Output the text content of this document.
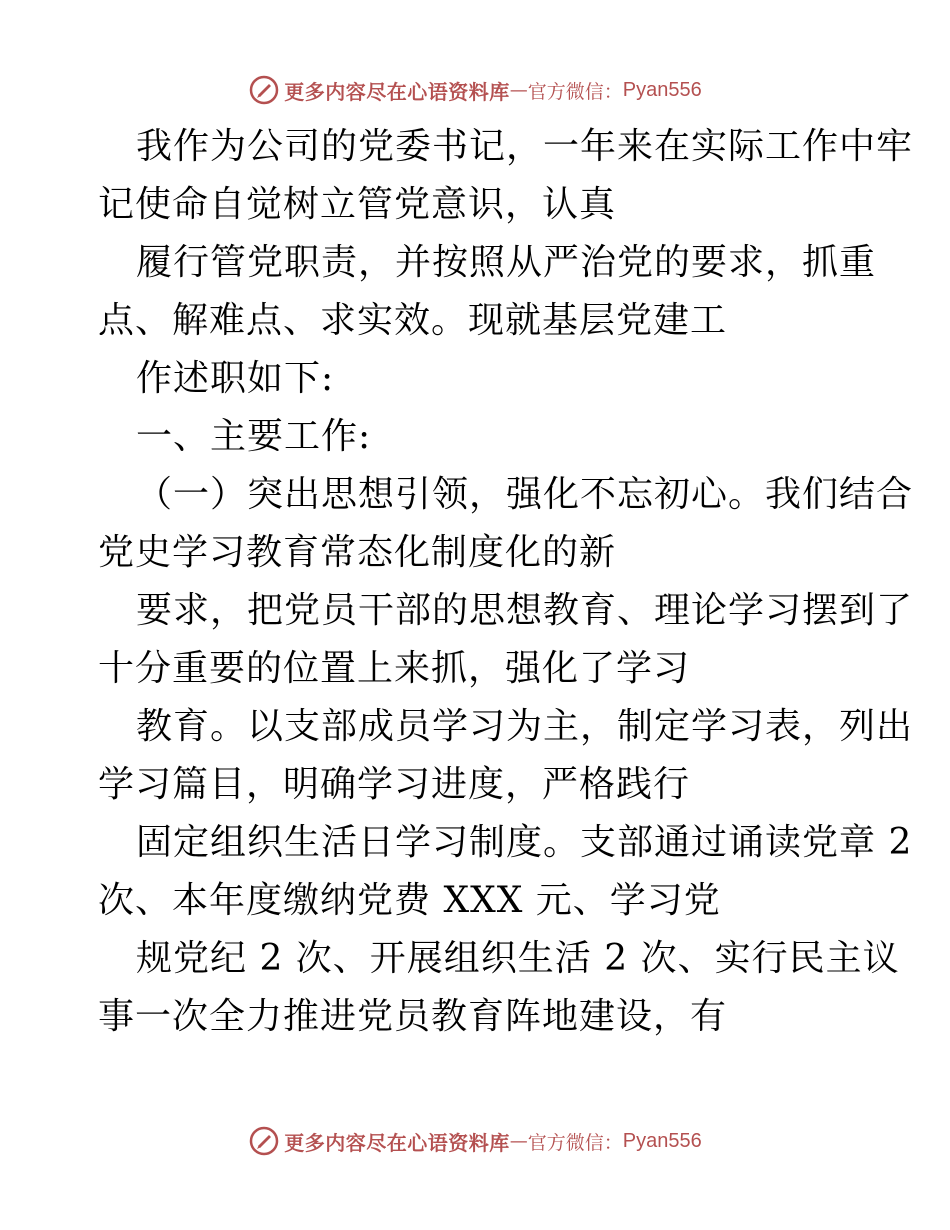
更多内容尽在心语资料库 — 官方微信： Pyan556
我作为公司的党委书记，一年来在实际工作中牢
记使命自觉树立管党意识，认真
履行管党职责，并按照从严治党的要求，抓重
点、解难点、求实效。现就基层党建工
作述职如下:
一、主要工作:
（一）突出思想引领，强化不忘初心。我们结合
党史学习教育常态化制度化的新
要求，把党员干部的思想教育、理论学习摆到了
十分重要的位置上来抓，强化了学习
教育。以支部成员学习为主，制定学习表，列出
学习篇目，明确学习进度，严格践行
固定组织生活日学习制度。支部通过诵读党章 2
次、本年度缴纳党费 XXX 元、学习党
规党纪 2 次、开展组织生活 2 次、实行民主议
事一次全力推进党员教育阵地建设，有
更多内容尽在心语资料库 — 官方微信： Pyan556
